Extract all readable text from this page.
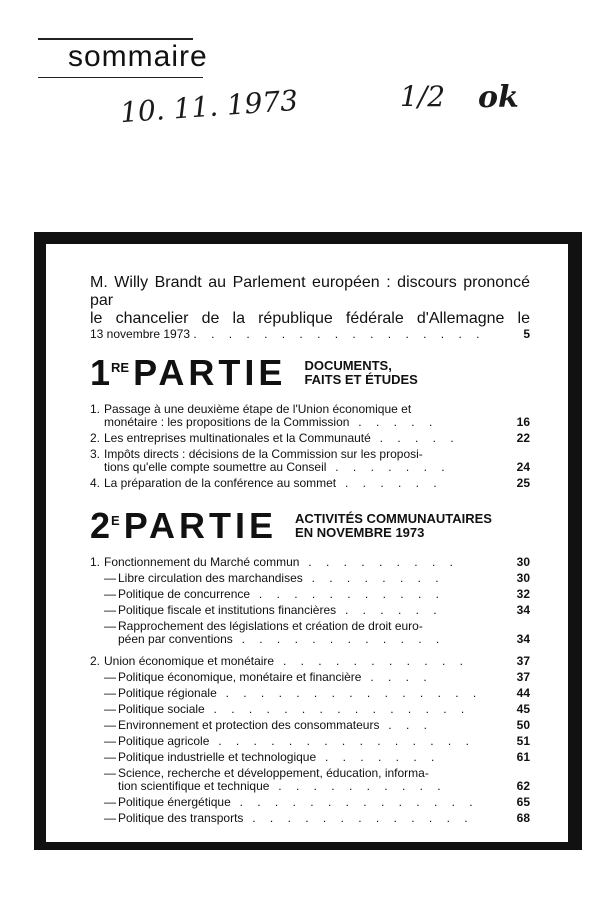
sommaire
10. 11. 1973	1/2 ok
M. Willy Brandt au Parlement européen : discours prononcé par
le chancelier de la république fédérale d'Allemagne le
13 novembre 1973 . . . . . . . . . . . . . . . . .	5
1 RE PARTIE DOCUMENTS,
FAITS ET ÉTUDES
1. Passage à une deuxième étape de l'Union économique et
monétaire : les propositions de la Commission . . . . .	16
2. Les entreprises multinationales et la Communauté . . . . .	22
3. Impôts directs : décisions de la Commission sur les proposi-
tions qu'elle compte soumettre au Conseil . . . . . . .	24
4. La préparation de la conférence au sommet . . . . . .	25
2 E PARTIE ACTIVITÉS COMMUNAUTAIRES
EN NOVEMBRE 1973
1. Fonctionnement du Marché commun . . . . . . . . .	30
— Libre circulation des marchandises . . . . . . . .	30
— Politique de concurrence . . . . . . . . . . .	32
— Politique fiscale et institutions financières . . . . . .	34
— Rapprochement des législations et création de droit euro-
péen par conventions . . . . . . . . . . . .	34
2. Union économique et monétaire . . . . . . . . . . .	37
— Politique économique, monétaire et financière . . . .	37
— Politique régionale . . . . . . . . . . . . . . .	44
— Politique sociale . . . . . . . . . . . . . . .	45
— Environnement et protection des consommateurs . . .	50
— Politique agricole . . . . . . . . . . . . . . .	51
— Politique industrielle et technologique . . . . . . .	61
— Science, recherche et développement, éducation, informa-
tion scientifique et technique . . . . . . . . . .	62
— Politique énergétique . . . . . . . . . . . . . .	65
— Politique des transports . . . . . . . . . . . . .	68
